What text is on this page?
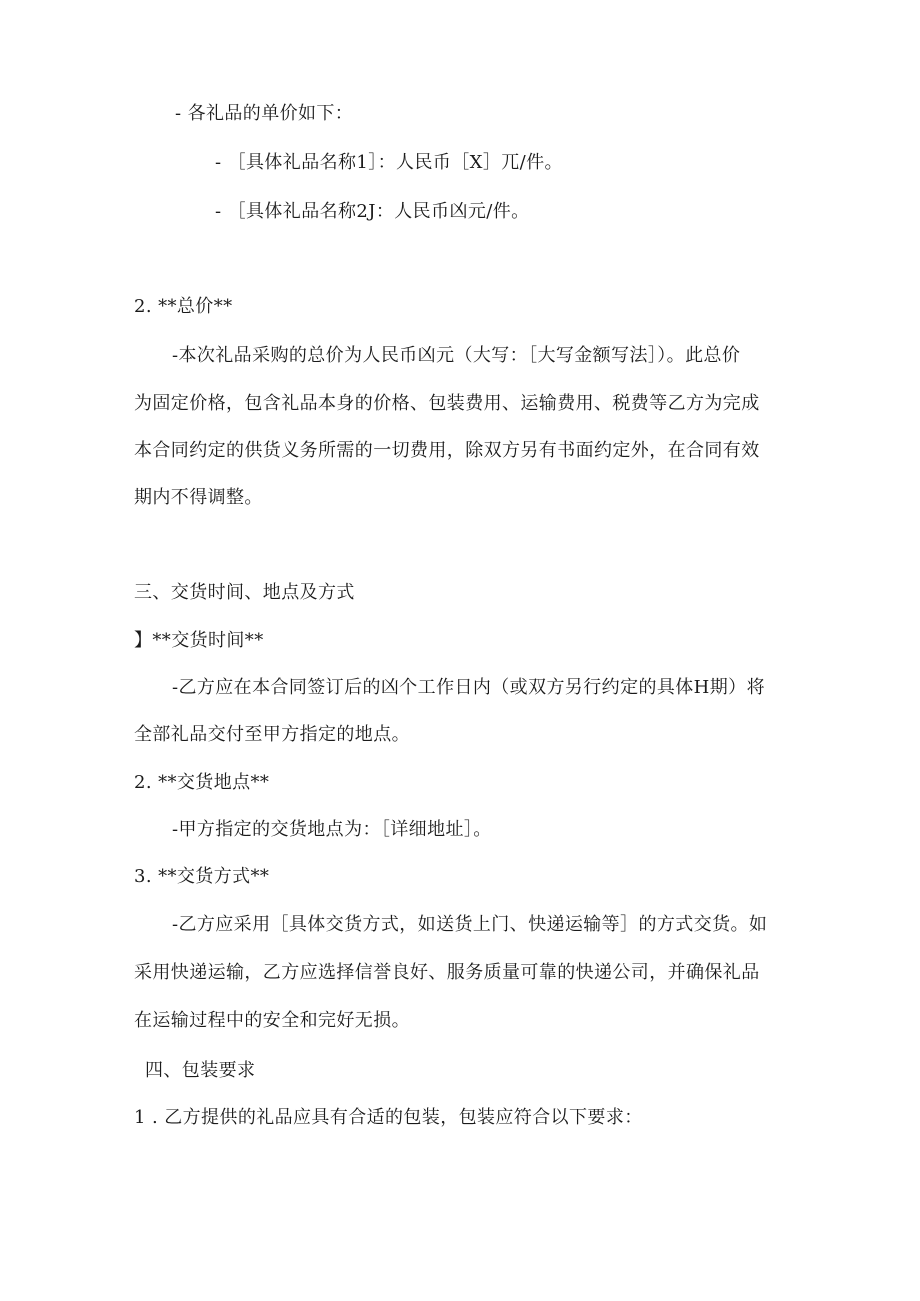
- 各礼品的单价如下：
- ［具体礼品名称1］：人民币［X］兀/件。
- ［具体礼品名称2J：人民币凶元/件。
2. **总价**
-本次礼品采购的总价为人民币凶元（大写：［大写金额写法］）。此总价
为固定价格，包含礼品本身的价格、包装费用、运输费用、税费等乙方为完成
本合同约定的供货义务所需的一切费用，除双方另有书面约定外，在合同有效
期内不得调整。
三、交货时间、地点及方式
】**交货时间**
-乙方应在本合同签订后的凶个工作日内（或双方另行约定的具体H期）将
全部礼品交付至甲方指定的地点。
2. **交货地点**
-甲方指定的交货地点为：［详细地址］。
3. **交货方式**
-乙方应采用［具体交货方式，如送货上门、快递运输等］的方式交货。如
采用快递运输，乙方应选择信誉良好、服务质量可靠的快递公司，并确保礼品
在运输过程中的安全和完好无损。
四、包装要求
1 . 乙方提供的礼品应具有合适的包装，包装应符合以下要求：
